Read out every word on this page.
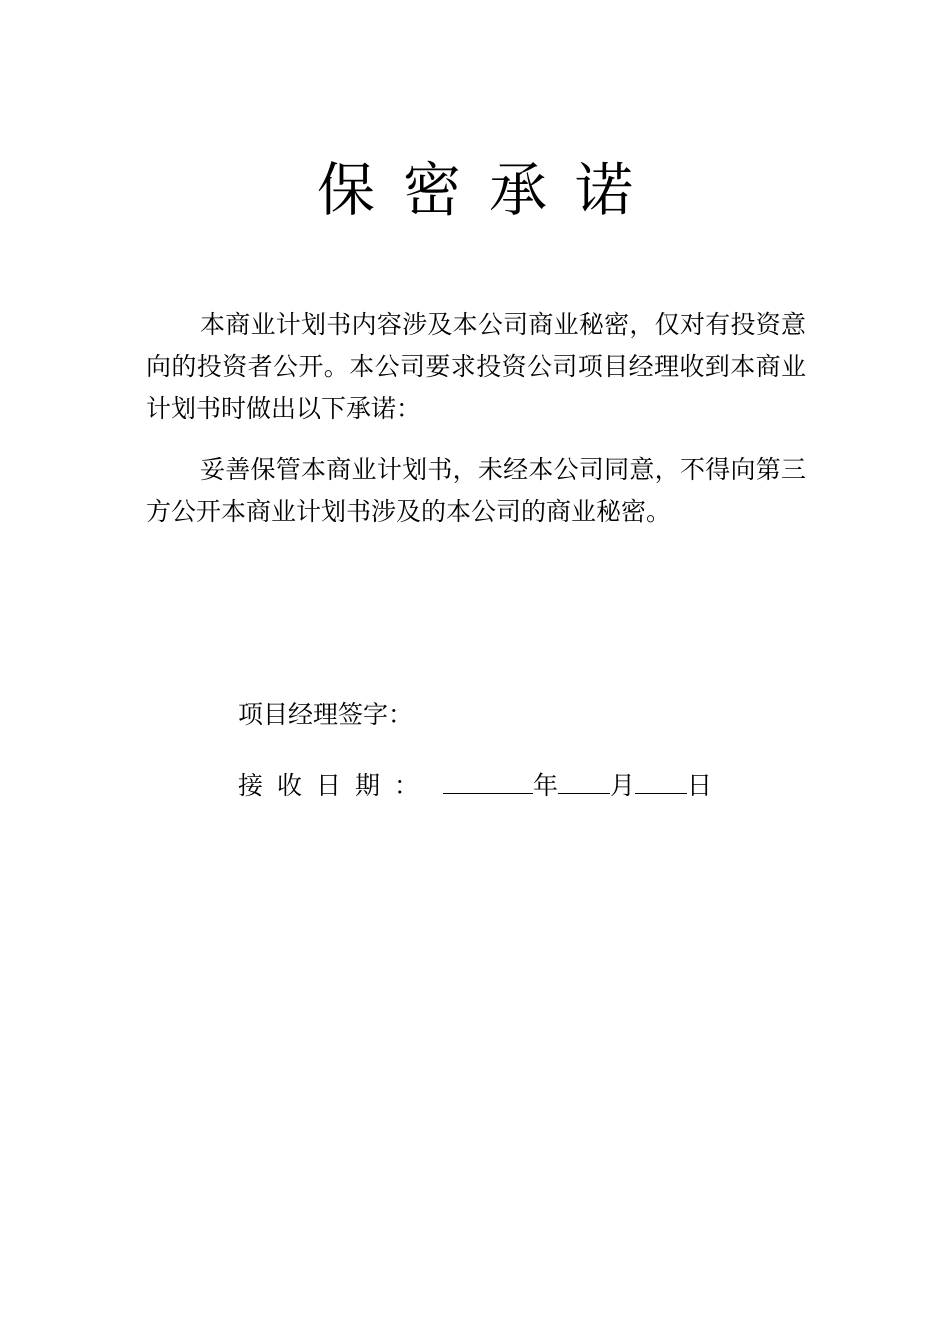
保密承诺

本商业计划书内容涉及本公司商业秘密，仅对有投资意向的投资者公开。本公司要求投资公司项目经理收到本商业计划书时做出以下承诺：

妥善保管本商业计划书，未经本公司同意，不得向第三方公开本商业计划书涉及的本公司的商业秘密。

项目经理签字：

接收日期：	年 月 日
